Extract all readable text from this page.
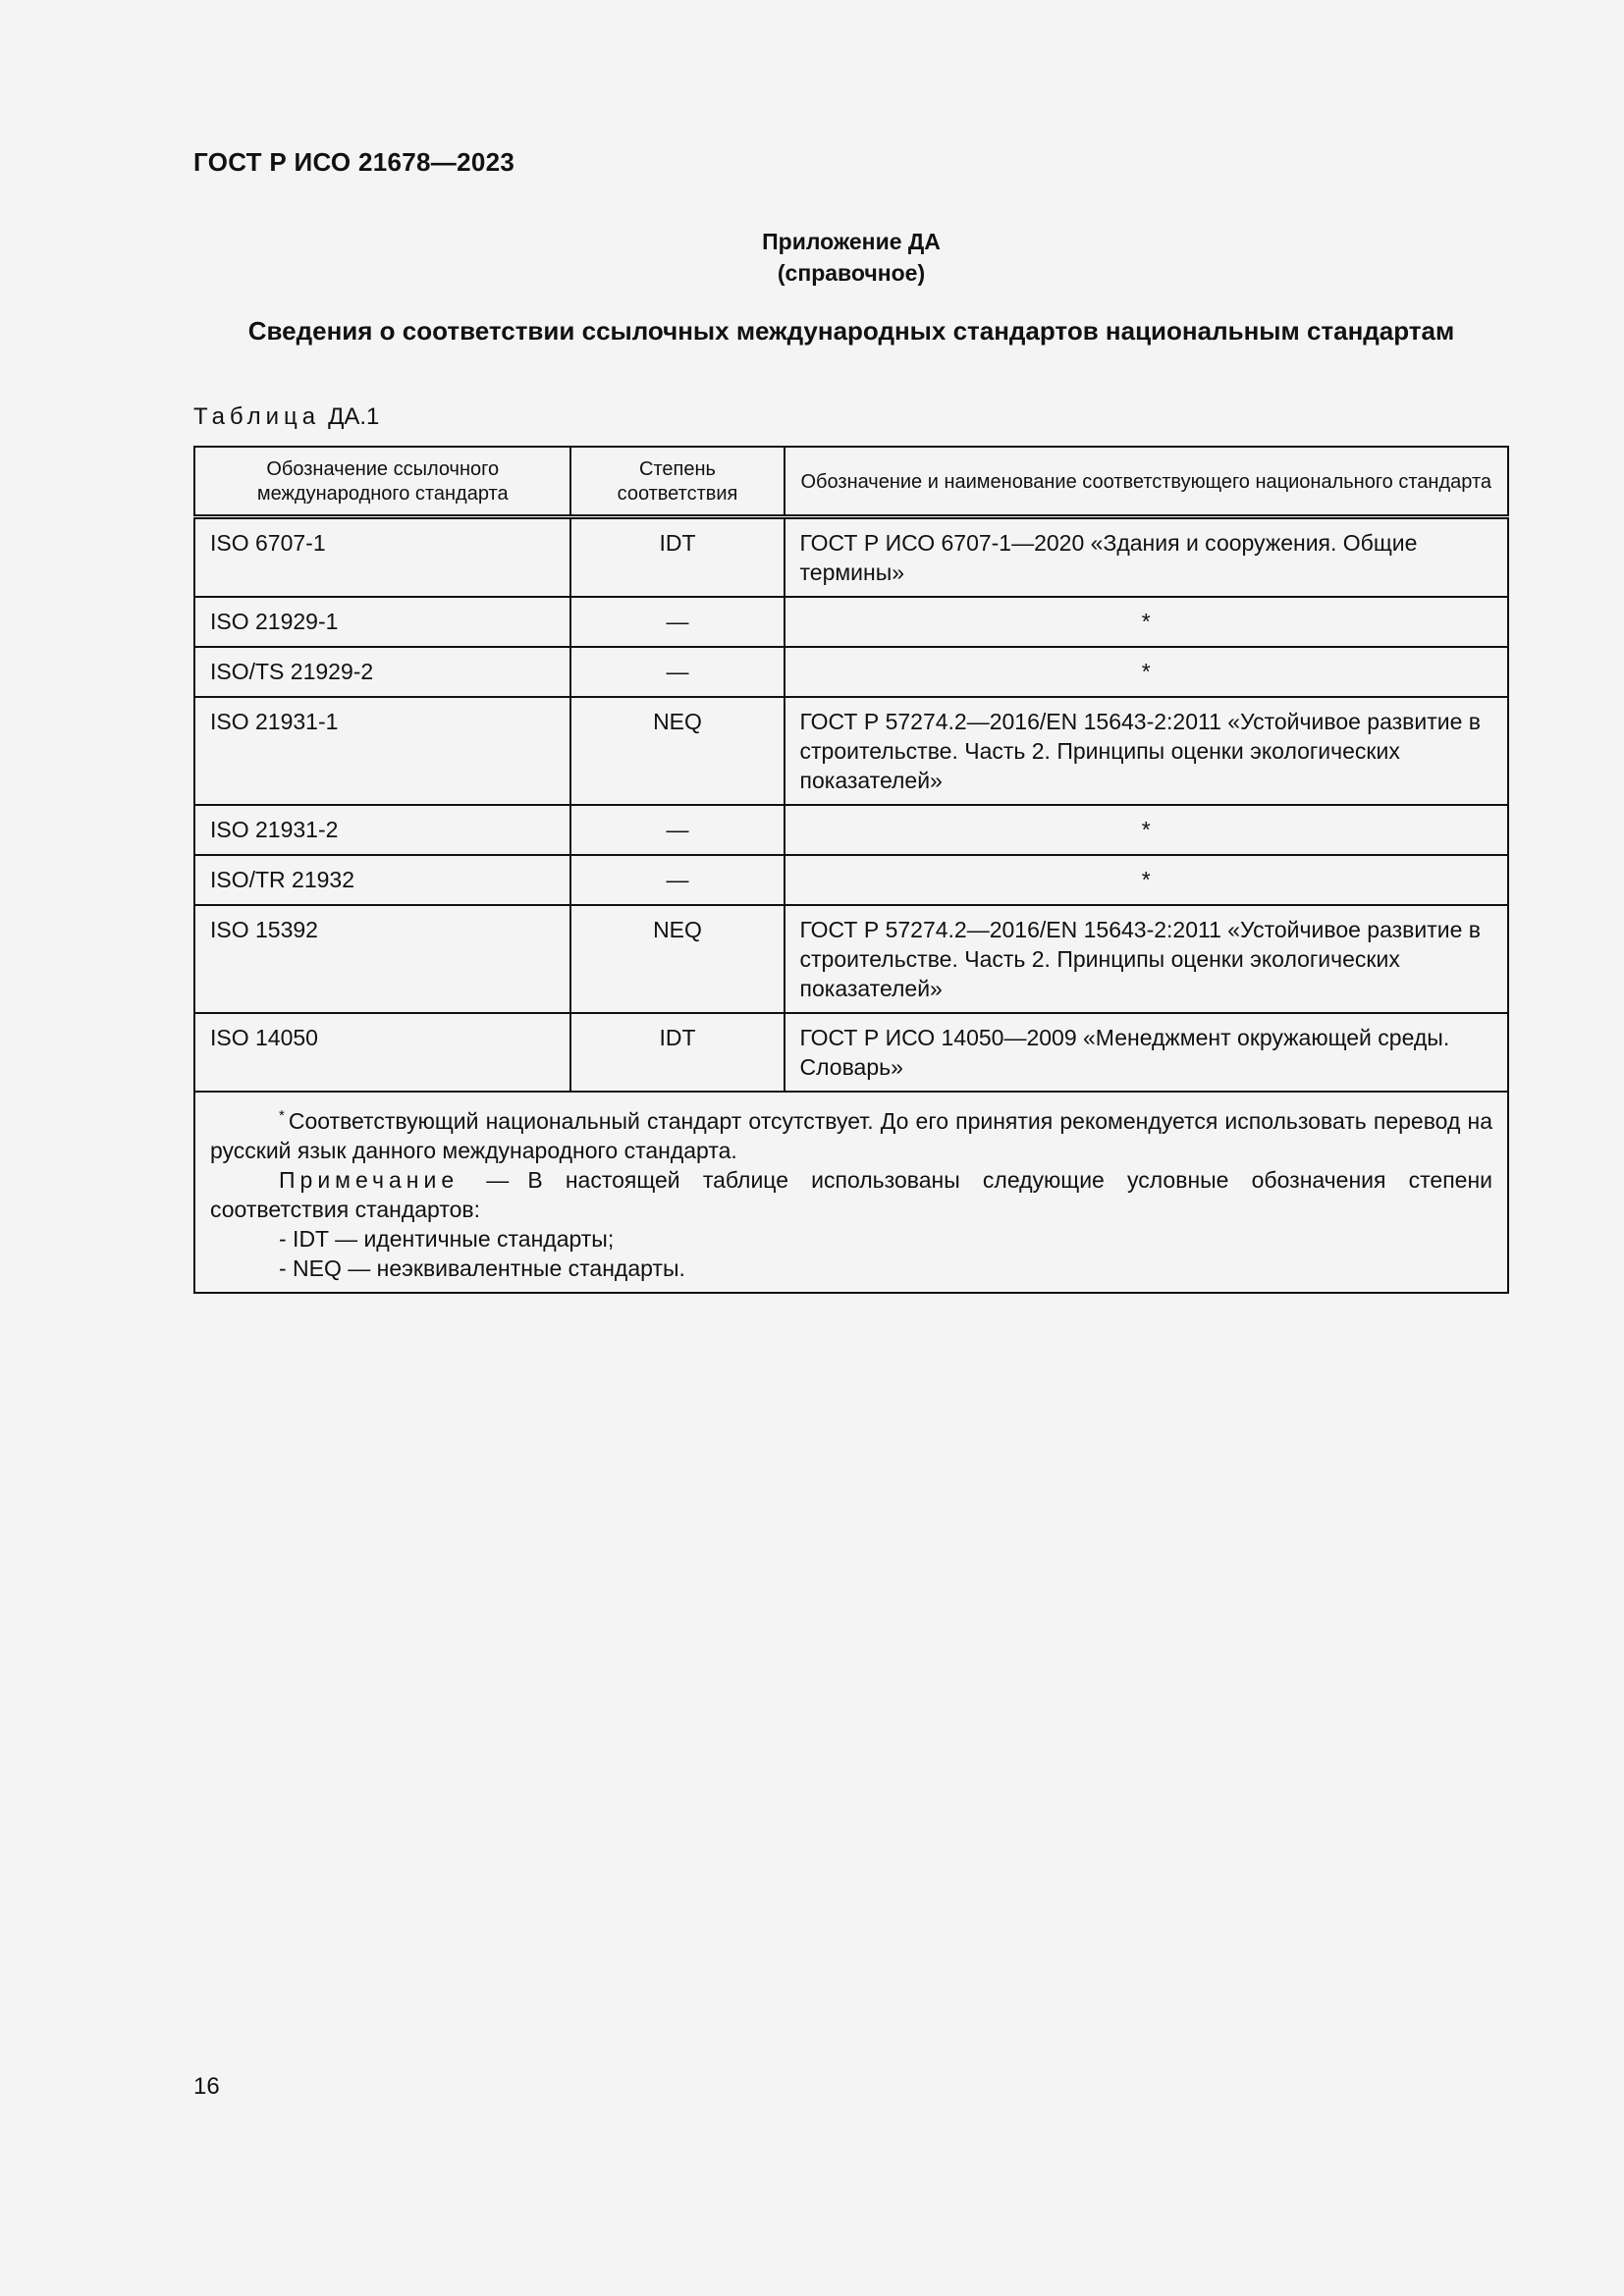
ГОСТ Р ИСО 21678—2023
Приложение ДА
(справочное)
Сведения о соответствии ссылочных международных стандартов национальным стандартам
Таблица ДА.1
Обозначение ссылочного международного стандарта	Степень соответствия	Обозначение и наименование соответствующего национального стандарта
ISO 6707-1	IDT	ГОСТ Р ИСО 6707-1—2020 «Здания и сооружения. Общие термины»
ISO 21929-1	—	*
ISO/TS 21929-2	—	*
ISO 21931-1	NEQ	ГОСТ Р 57274.2—2016/EN 15643-2:2011 «Устойчивое развитие в строительстве. Часть 2. Принципы оценки экологических показателей»
ISO 21931-2	—	*
ISO/TR 21932	—	*
ISO 15392	NEQ	ГОСТ Р 57274.2—2016/EN 15643-2:2011 «Устойчивое развитие в строительстве. Часть 2. Принципы оценки экологических показателей»
ISO 14050	IDT	ГОСТ Р ИСО 14050—2009 «Менеджмент окружающей среды. Словарь»

* Соответствующий национальный стандарт отсутствует. До его принятия рекомендуется использовать перевод на русский язык данного международного стандарта.

Примечание — В настоящей таблице использованы следующие условные обозначения степени соответствия стандартов:

- IDT — идентичные стандарты;

- NEQ — неэквивалентные стандарты.		

16
